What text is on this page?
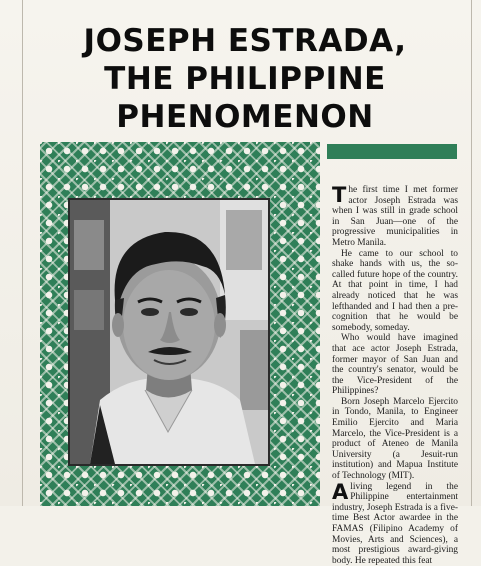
JOSEPH ESTRADA,
THE PHILIPPINE
PHENOMENON

The first time I met former actor Joseph Estrada was when I was still in grade school in San Juan—one of the progressive municipalities in Metro Manila.

He came to our school to shake hands with us, the so-called future hope of the country. At that point in time, I had already noticed that he was lefthanded and I had then a pre-cognition that he would be somebody, someday.

Who would have imagined that ace actor Joseph Estrada, former mayor of San Juan and the country's senator, would be the Vice-President of the Philippines?

Born Joseph Marcelo Ejercito in Tondo, Manila, to Engineer Emilio Ejercito and Maria Marcelo, the Vice-President is a product of Ateneo de Manila University (a Jesuit-run institution) and Mapua Institute of Technology (MIT).

A living legend in the Philippine entertainment industry, Joseph Estrada is a five-time Best Actor awardee in the FAMAS (Filipino Academy of Movies, Arts and Sciences), a most prestigious award-giving body. He repeated this feat
